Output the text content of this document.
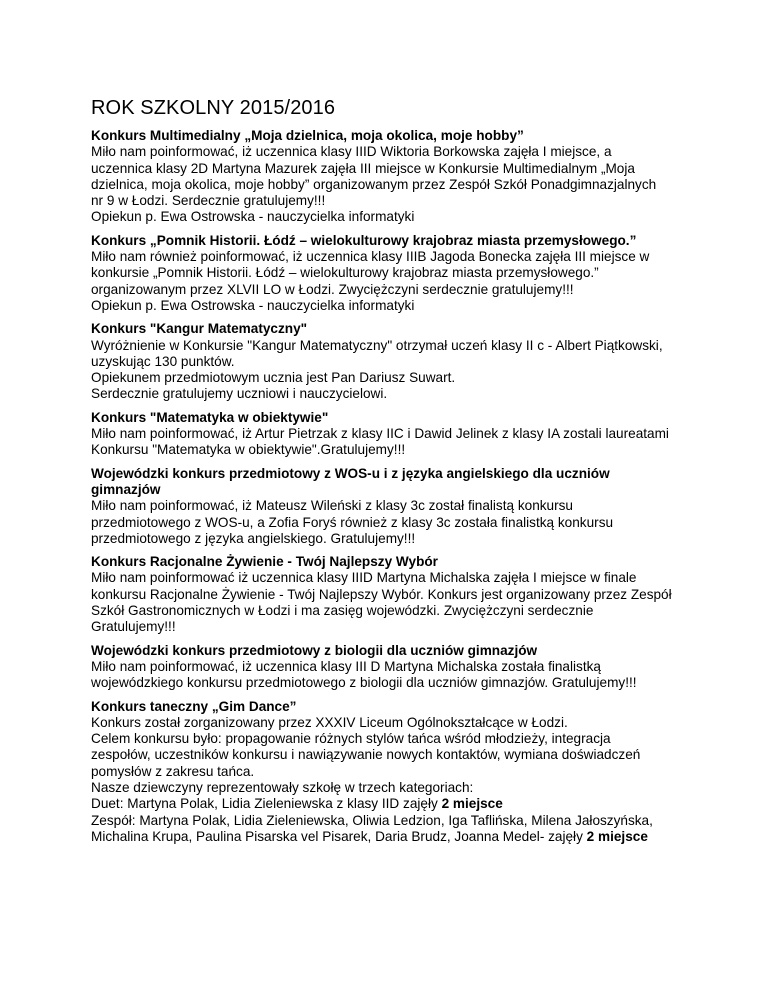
ROK SZKOLNY 2015/2016
Konkurs Multimedialny „Moja dzielnica, moja okolica, moje hobby”
Miło nam poinformować, iż uczennica klasy IIID Wiktoria Borkowska zajęła I miejsce, a uczennica klasy 2D Martyna Mazurek zajęła III miejsce w Konkursie Multimedialnym „Moja dzielnica, moja okolica, moje hobby” organizowanym przez Zespół Szkół Ponadgimnazjalnych nr 9 w Łodzi. Serdecznie gratulujemy!!!
Opiekun p. Ewa Ostrowska - nauczycielka informatyki
Konkurs „Pomnik Historii. Łódź – wielokulturowy krajobraz miasta przemysłowego.”
Miło nam również poinformować, iż uczennica klasy IIIB Jagoda Bonecka zajęła III miejsce w konkursie „Pomnik Historii. Łódź – wielokulturowy krajobraz miasta przemysłowego.” organizowanym przez XLVII LO w Łodzi. Zwyciężczyni serdecznie gratulujemy!!!
Opiekun p. Ewa Ostrowska - nauczycielka informatyki
Konkurs "Kangur Matematyczny"
Wyróżnienie w Konkursie "Kangur Matematyczny" otrzymał uczeń klasy II c - Albert Piątkowski, uzyskując 130 punktów.
Opiekunem przedmiotowym ucznia jest Pan Dariusz Suwart.
Serdecznie gratulujemy uczniowi i nauczycielowi.
Konkurs "Matematyka w obiektywie"
Miło nam poinformować, iż Artur Pietrzak z klasy IIC i Dawid Jelinek z klasy IA zostali laureatami Konkursu "Matematyka w obiektywie".Gratulujemy!!!
Wojewódzki konkurs przedmiotowy z WOS-u i z języka angielskiego dla uczniów gimnazjów
Miło nam poinformować, iż Mateusz Wileński z klasy 3c został finalistą konkursu przedmiotowego z WOS-u, a Zofia Foryś również z klasy 3c została finalistką konkursu przedmiotowego z języka angielskiego. Gratulujemy!!!
Konkurs Racjonalne Żywienie - Twój Najlepszy Wybór
Miło nam poinformować iż uczennica klasy IIID Martyna Michalska zajęła I miejsce w finale konkursu Racjonalne Żywienie - Twój Najlepszy Wybór. Konkurs jest organizowany przez Zespół Szkół Gastronomicznych w Łodzi i ma zasięg wojewódzki. Zwyciężczyni serdecznie Gratulujemy!!!
Wojewódzki konkurs przedmiotowy z biologii dla uczniów gimnazjów
Miło nam poinformować, iż uczennica klasy III D Martyna Michalska została finalistką wojewódzkiego konkursu przedmiotowego z biologii dla uczniów gimnazjów. Gratulujemy!!!
Konkurs taneczny „Gim Dance”
Konkurs został zorganizowany przez XXXIV Liceum Ogólnokształcące w Łodzi.
Celem konkursu było: propagowanie różnych stylów tańca wśród młodzieży, integracja zespołów, uczestników konkursu i nawiązywanie nowych kontaktów, wymiana doświadczeń pomysłów z zakresu tańca.
Nasze dziewczyny reprezentowały szkołę w trzech kategoriach:
Duet: Martyna Polak, Lidia Zieleniewska z klasy IID zajęły 2 miejsce
Zespół: Martyna Polak, Lidia Zieleniewska, Oliwia Ledzion, Iga Taflińska, Milena Jałoszyńska, Michalina Krupa, Paulina Pisarska vel Pisarek, Daria Brudz, Joanna Medel- zajęły 2 miejsce
